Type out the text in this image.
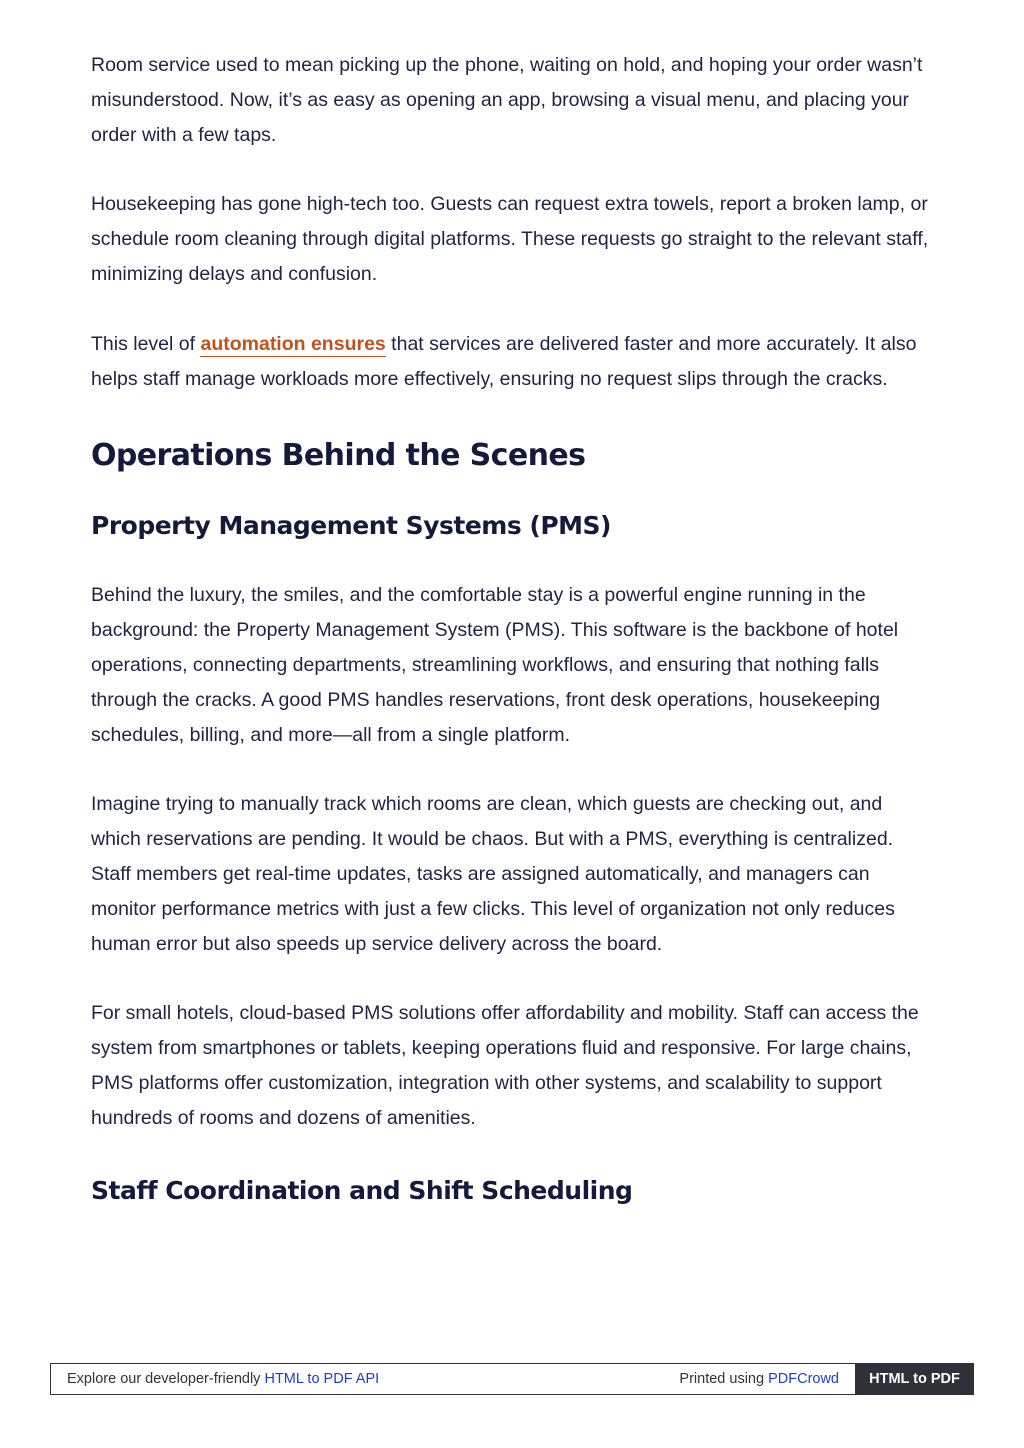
Room service used to mean picking up the phone, waiting on hold, and hoping your order wasn’t misunderstood. Now, it’s as easy as opening an app, browsing a visual menu, and placing your order with a few taps.

Housekeeping has gone high-tech too. Guests can request extra towels, report a broken lamp, or schedule room cleaning through digital platforms. These requests go straight to the relevant staff, minimizing delays and confusion.

This level of automation ensures that services are delivered faster and more accurately. It also helps staff manage workloads more effectively, ensuring no request slips through the cracks.

Operations Behind the Scenes
Property Management Systems (PMS)

Behind the luxury, the smiles, and the comfortable stay is a powerful engine running in the background: the Property Management System (PMS). This software is the backbone of hotel operations, connecting departments, streamlining workflows, and ensuring that nothing falls through the cracks. A good PMS handles reservations, front desk operations, housekeeping schedules, billing, and more—all from a single platform.

Imagine trying to manually track which rooms are clean, which guests are checking out, and which reservations are pending. It would be chaos. But with a PMS, everything is centralized. Staff members get real-time updates, tasks are assigned automatically, and managers can monitor performance metrics with just a few clicks. This level of organization not only reduces human error but also speeds up service delivery across the board.

For small hotels, cloud-based PMS solutions offer affordability and mobility. Staff can access the system from smartphones or tablets, keeping operations fluid and responsive. For large chains, PMS platforms offer customization, integration with other systems, and scalability to support hundreds of rooms and dozens of amenities.

Staff Coordination and Shift Scheduling
Explore our developer-friendly HTML to PDF API	Printed using PDFCrowd	HTML to PDF
